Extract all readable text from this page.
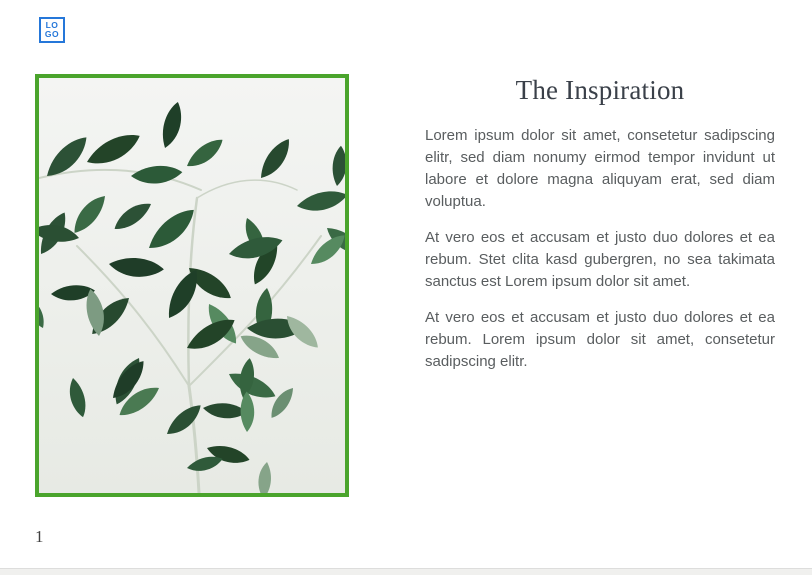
LO
GO
The Inspiration

Lorem ipsum dolor sit amet, consetetur sadipscing elitr, sed diam nonumy eirmod tempor invidunt ut labore et dolore magna aliquyam erat, sed diam voluptua.

At vero eos et accusam et justo duo dolores et ea rebum. Stet clita kasd gubergren, no sea takimata sanctus est Lorem ipsum dolor sit amet.

At vero eos et accusam et justo duo dolores et ea rebum. Lorem ipsum dolor sit amet, consetetur sadipscing elitr.

1
